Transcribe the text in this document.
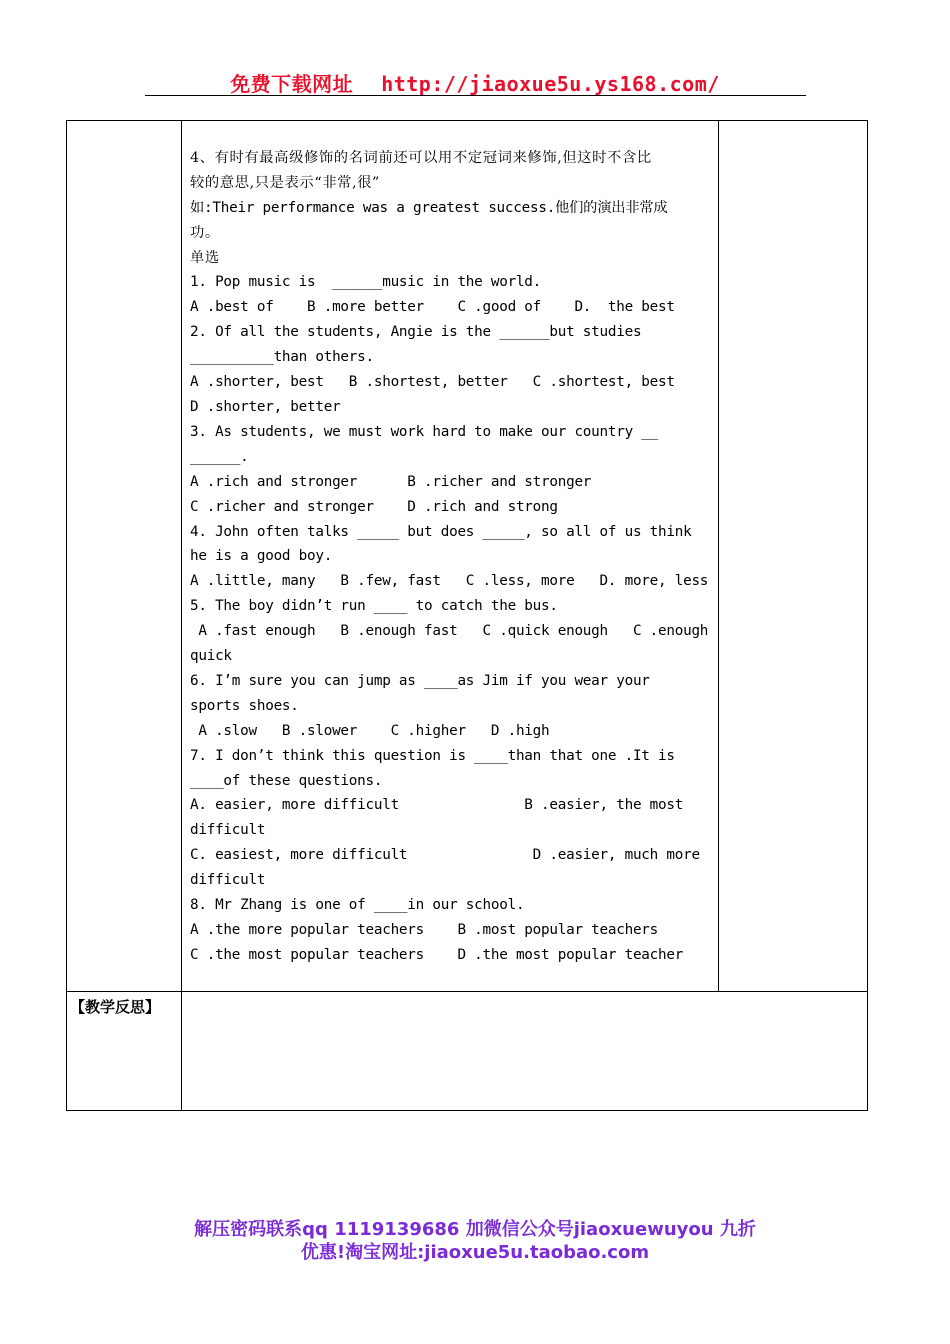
免费下载网址 http://jiaoxue5u.ys168.com/

4、有时有最高级修饰的名词前还可以用不定冠词来修饰,但这时不含比
较的意思,只是表示“非常,很”
如:Their performance was a greatest success.他们的演出非常成
功。
单选
1. Pop music is  ______music in the world.
A .best of    B .more better    C .good of    D.  the best
2. Of all the students, Angie is the ______but studies
__________than others.
A .shorter, best   B .shortest, better   C .shortest, best
D .shorter, better
3. As students, we must work hard to make our country __
______.
A .rich and stronger      B .richer and stronger
C .richer and stronger    D .rich and strong
4. John often talks _____ but does _____, so all of us think
he is a good boy.
A .little, many   B .few, fast   C .less, more   D. more, less
5. The boy didn’t run ____ to catch the bus.
A .fast enough   B .enough fast   C .quick enough   C .enough
quick
6. I’m sure you can jump as ____as Jim if you wear your
sports shoes.
A .slow   B .slower    C .higher   D .high
7. I don’t think this question is ____than that one .It is
____of these questions.
A. easier, more difficult               B .easier, the most
difficult
C. easiest, more difficult               D .easier, much more
difficult
8. Mr Zhang is one of ____in our school.
A .the more popular teachers    B .most popular teachers
C .the most popular teachers    D .the most popular teacher

【教学反思】
解压密码联系qq 1119139686 加微信公众号jiaoxuewuyou 九折
优惠!淘宝网址:jiaoxue5u.taobao.com
